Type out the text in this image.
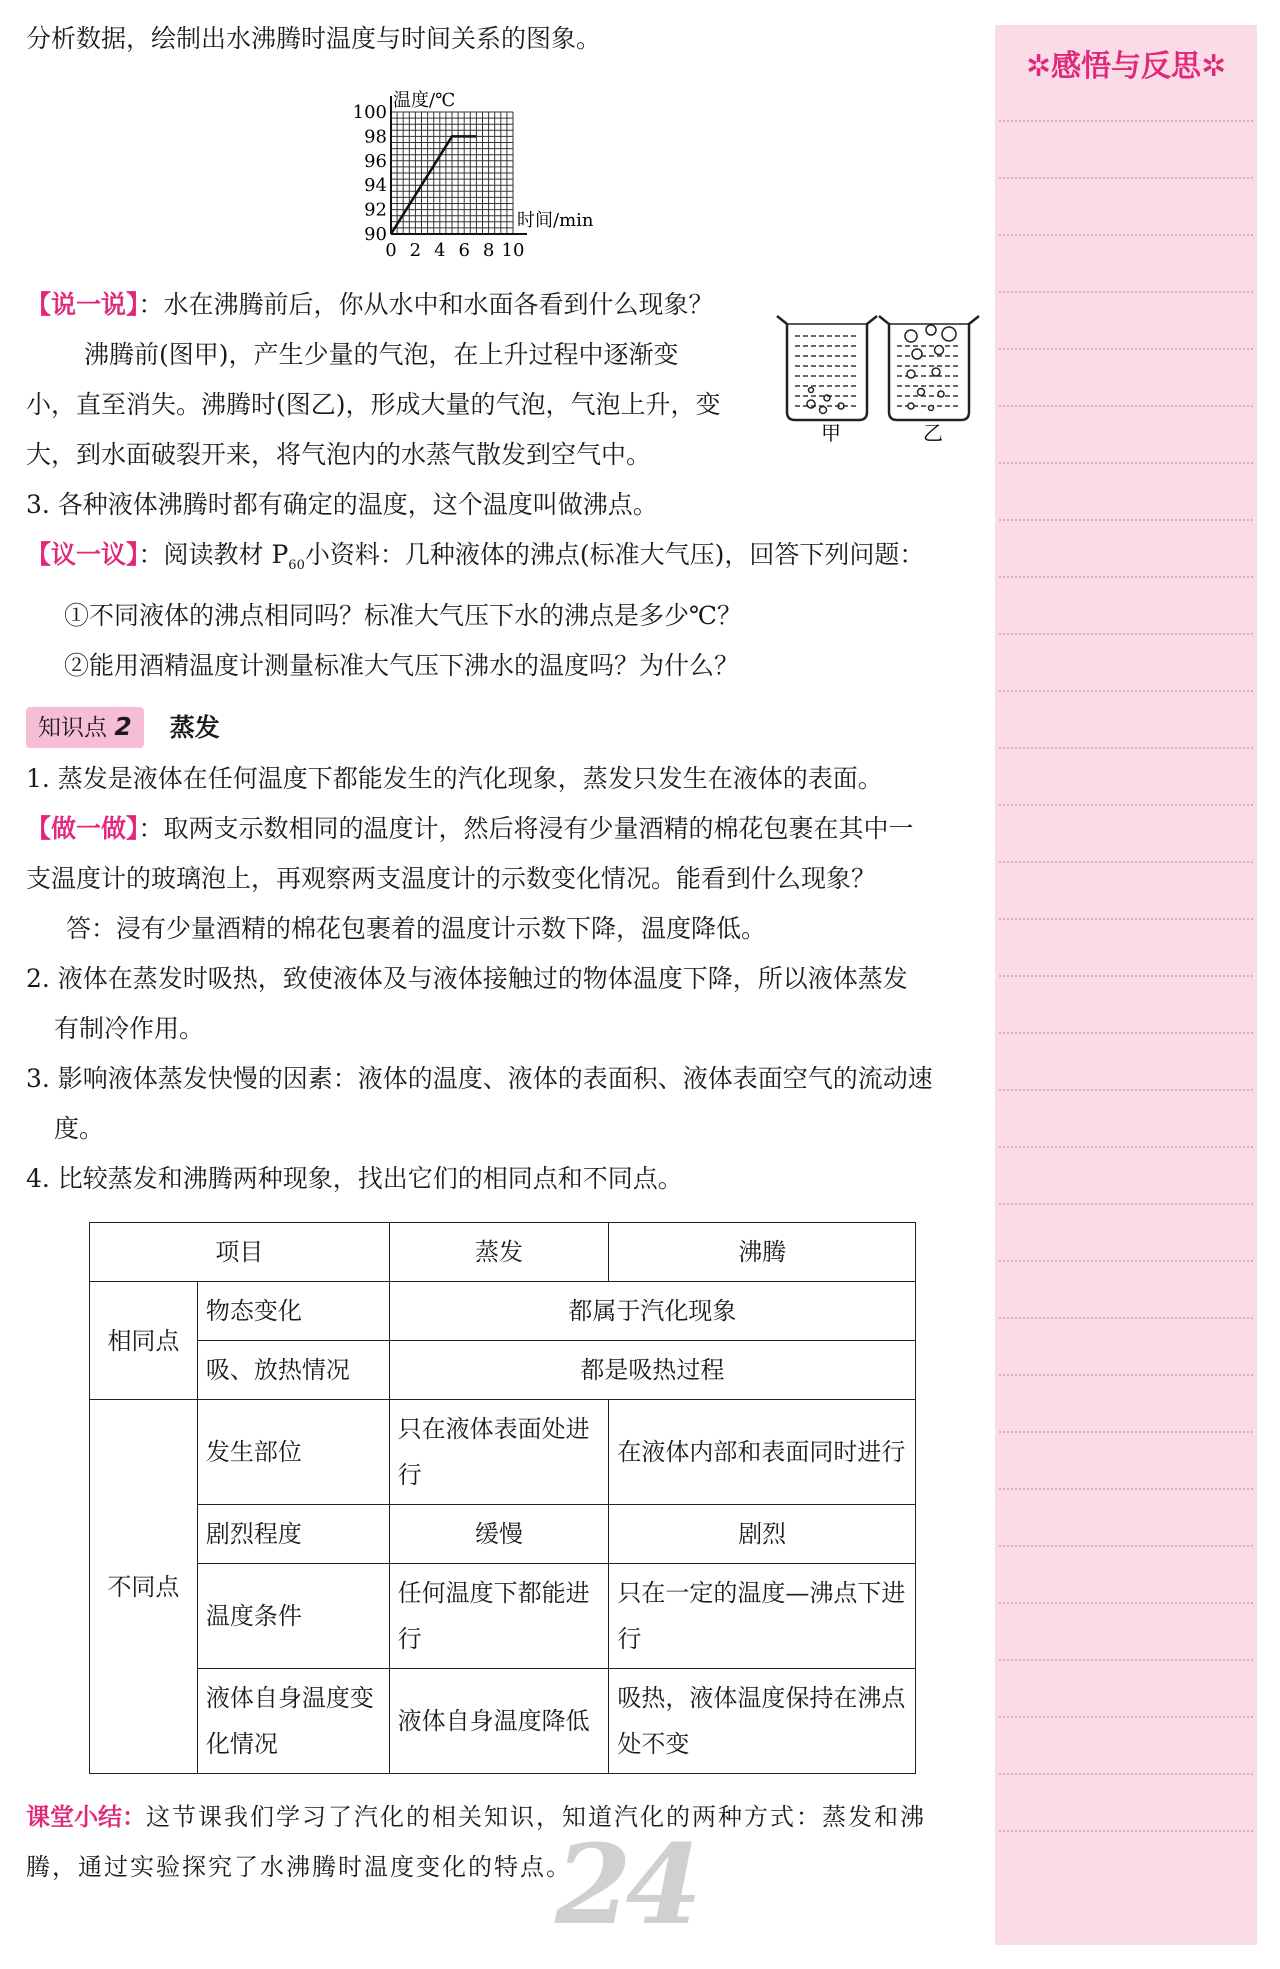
分析数据，绘制出水沸腾时温度与时间关系的图象。
0 2 4 6 8 10
90
92
94
96
98
100
温度/℃
时间/min
【说一说】：水在沸腾前后，你从水中和水面各看到什么现象？
沸腾前(图甲)，产生少量的气泡，在上升过程中逐渐变
小，直至消失。沸腾时(图乙)，形成大量的气泡，气泡上升，变
大，到水面破裂开来，将气泡内的水蒸气散发到空气中。
甲	乙
3. 各种液体沸腾时都有确定的温度，这个温度叫做沸点。
【议一议】：阅读教材 $P_{60}$小资料：几种液体的沸点(标准大气压)，回答下列问题：
①不同液体的沸点相同吗？标准大气压下水的沸点是多少℃？
②能用酒精温度计测量标准大气压下沸水的温度吗？为什么？
知识点 2	蒸发
1. 蒸发是液体在任何温度下都能发生的汽化现象，蒸发只发生在液体的表面。
【做一做】：取两支示数相同的温度计，然后将浸有少量酒精的棉花包裹在其中一
支温度计的玻璃泡上，再观察两支温度计的示数变化情况。能看到什么现象？
答：浸有少量酒精的棉花包裹着的温度计示数下降，温度降低。
2. 液体在蒸发时吸热，致使液体及与液体接触过的物体温度下降，所以液体蒸发
有制冷作用。
3. 影响液体蒸发快慢的因素：液体的温度、液体的表面积、液体表面空气的流动速
度。
4. 比较蒸发和沸腾两种现象，找出它们的相同点和不同点。
项目		蒸发	沸腾
相同点	物态变化	都属于汽化现象	
	吸、放热情况	都是吸热过程	
不同点	发生部位	只在液体表面处进行	在液体内部和表面同时进行
	剧烈程度	缓慢	剧烈
	温度条件	任何温度下都能进行	只在一定的温度—沸点下进行
	液体自身温度变化情况	液体自身温度降低	吸热，液体温度保持在沸点处不变
课堂小结：这节课我们学习了汽化的相关知识，知道汽化的两种方式：蒸发和沸
腾，通过实验探究了水沸腾时温度变化的特点。
24
✲感悟与反思✲
